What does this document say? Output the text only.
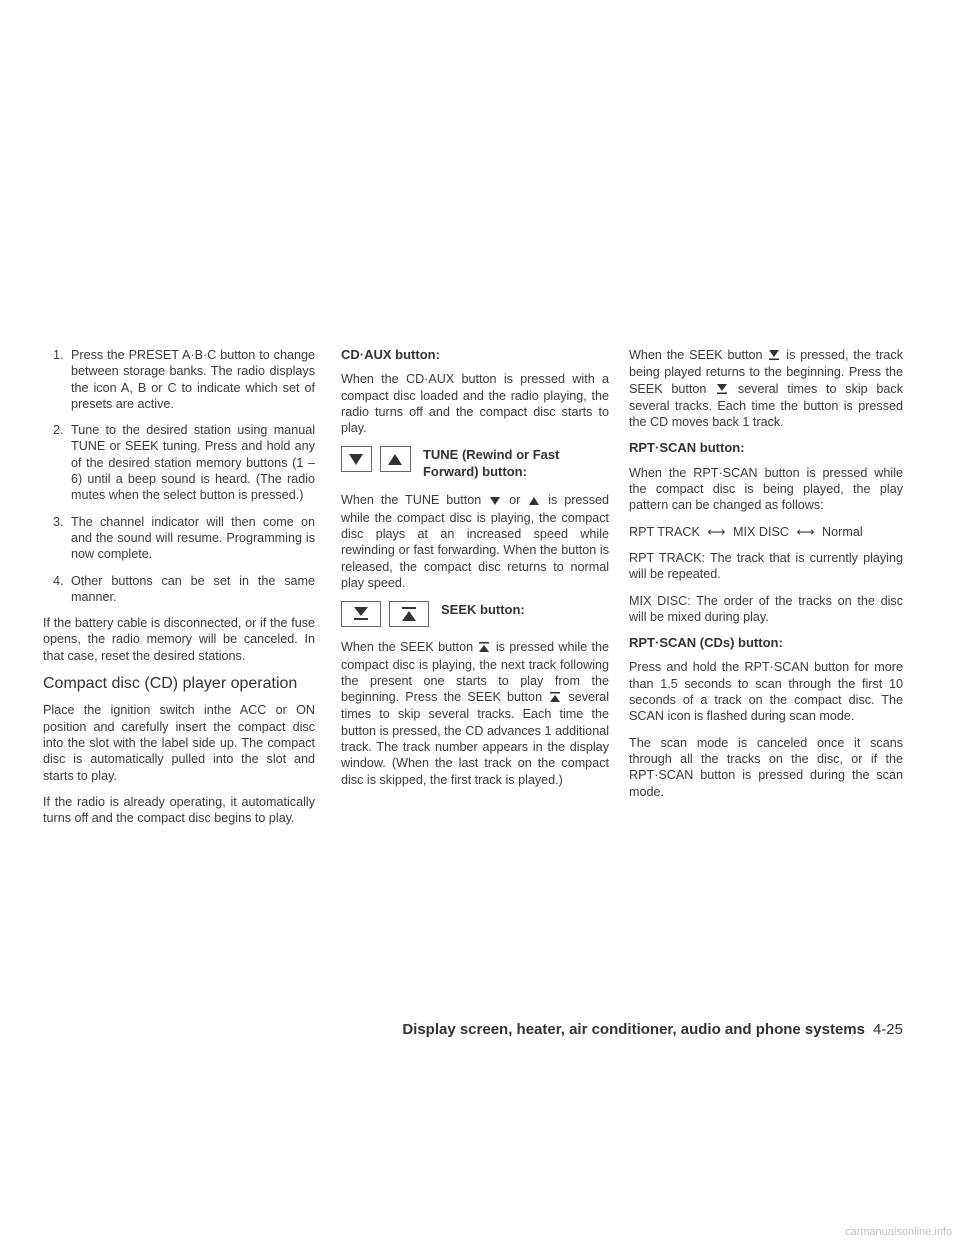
1. Press the PRESET A·B·C button to change between storage banks. The radio displays the icon A, B or C to indicate which set of presets are active.
2. Tune to the desired station using manual TUNE or SEEK tuning. Press and hold any of the desired station memory buttons (1 – 6) until a beep sound is heard. (The radio mutes when the select button is pressed.)
3. The channel indicator will then come on and the sound will resume. Programming is now complete.
4. Other buttons can be set in the same manner.

If the battery cable is disconnected, or if the fuse opens, the radio memory will be canceled. In that case, reset the desired stations.

Compact disc (CD) player operation

Place the ignition switch inthe ACC or ON position and carefully insert the compact disc into the slot with the label side up. The compact disc is automatically pulled into the slot and starts to play.

If the radio is already operating, it automatically turns off and the compact disc begins to play.

CD·AUX button:

When the CD·AUX button is pressed with a compact disc loaded and the radio playing, the radio turns off and the compact disc starts to play.

TUNE (Rewind or Fast Forward) button:

When the TUNE button or is pressed while the compact disc is playing, the compact disc plays at an increased speed while rewinding or fast forwarding. When the button is released, the compact disc returns to normal play speed.

SEEK button:

When the SEEK button is pressed while the compact disc is playing, the next track following the present one starts to play from the beginning. Press the SEEK button several times to skip several tracks. Each time the button is pressed, the CD advances 1 additional track. The track number appears in the display window. (When the last track on the compact disc is skipped, the first track is played.)

When the SEEK button is pressed, the track being played returns to the beginning. Press the SEEK button	several times to skip back several tracks. Each time the button is pressed the CD moves back 1 track.

RPT·SCAN button:

When the RPT·SCAN button is pressed while the compact disc is being played, the play pattern can be changed as follows:

RPT TRACK ⟷ MIX DISC ⟷ Normal

RPT TRACK: The track that is currently playing will be repeated.

MIX DISC: The order of the tracks on the disc will be mixed during play.

RPT·SCAN (CDs) button:

Press and hold the RPT·SCAN button for more than 1.5 seconds to scan through the first 10 seconds of a track on the compact disc. The SCAN icon is flashed during scan mode.

The scan mode is canceled once it scans through all the tracks on the disc, or if the RPT·SCAN button is pressed during the scan mode.

Display screen, heater, air conditioner, audio and phone systems 4-25
carmanualsonline.info
